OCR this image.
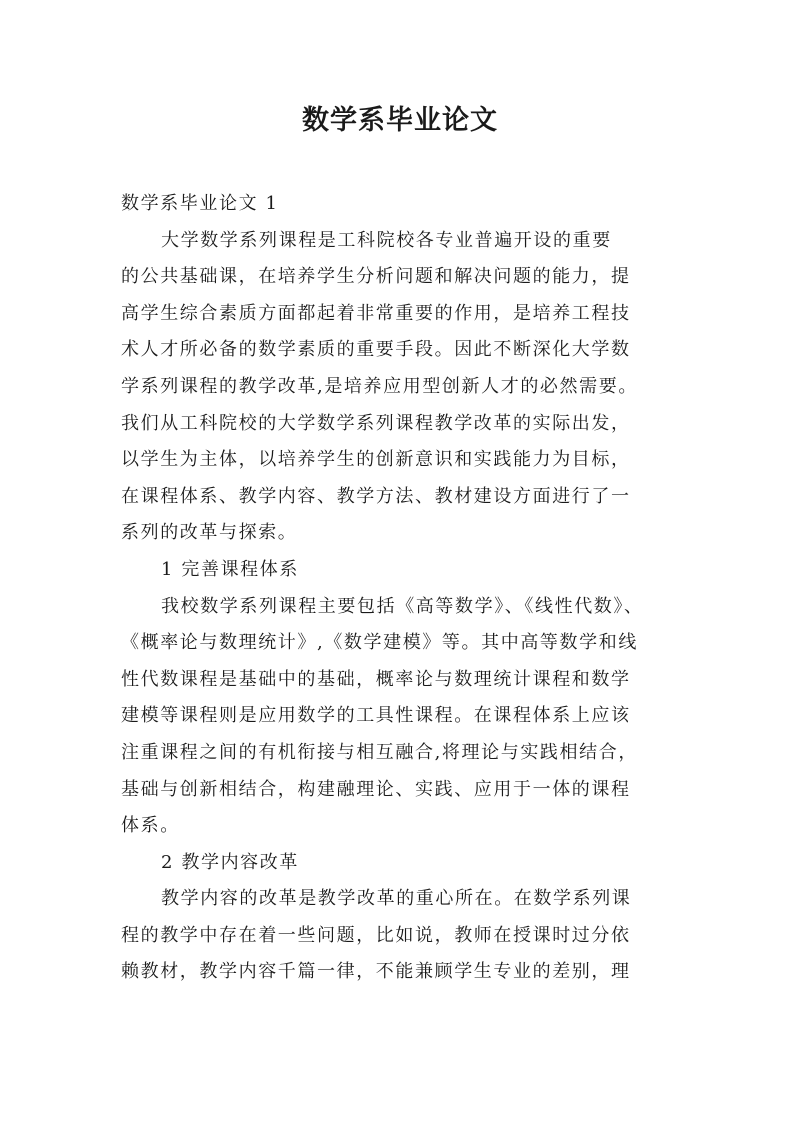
数学系毕业论文
数学系毕业论文 1
大学数学系列课程是工科院校各专业普遍开设的重要
的公共基础课，在培养学生分析问题和解决问题的能力，提
高学生综合素质方面都起着非常重要的作用，是培养工程技
术人才所必备的数学素质的重要手段。因此不断深化大学数
学系列课程的教学改革,是培养应用型创新人才的必然需要。
我们从工科院校的大学数学系列课程教学改革的实际出发，
以学生为主体，以培养学生的创新意识和实践能力为目标，
在课程体系、教学内容、教学方法、教材建设方面进行了一
系列的改革与探索。
1 完善课程体系
我校数学系列课程主要包括《高等数学》、《线性代数》、
《概率论与数理统计》,《数学建模》等。其中高等数学和线
性代数课程是基础中的基础，概率论与数理统计课程和数学
建模等课程则是应用数学的工具性课程。在课程体系上应该
注重课程之间的有机衔接与相互融合,将理论与实践相结合，
基础与创新相结合，构建融理论、实践、应用于一体的课程
体系。
2 教学内容改革
教学内容的改革是教学改革的重心所在。在数学系列课
程的教学中存在着一些问题，比如说，教师在授课时过分依
赖教材，教学内容千篇一律，不能兼顾学生专业的差别，理
